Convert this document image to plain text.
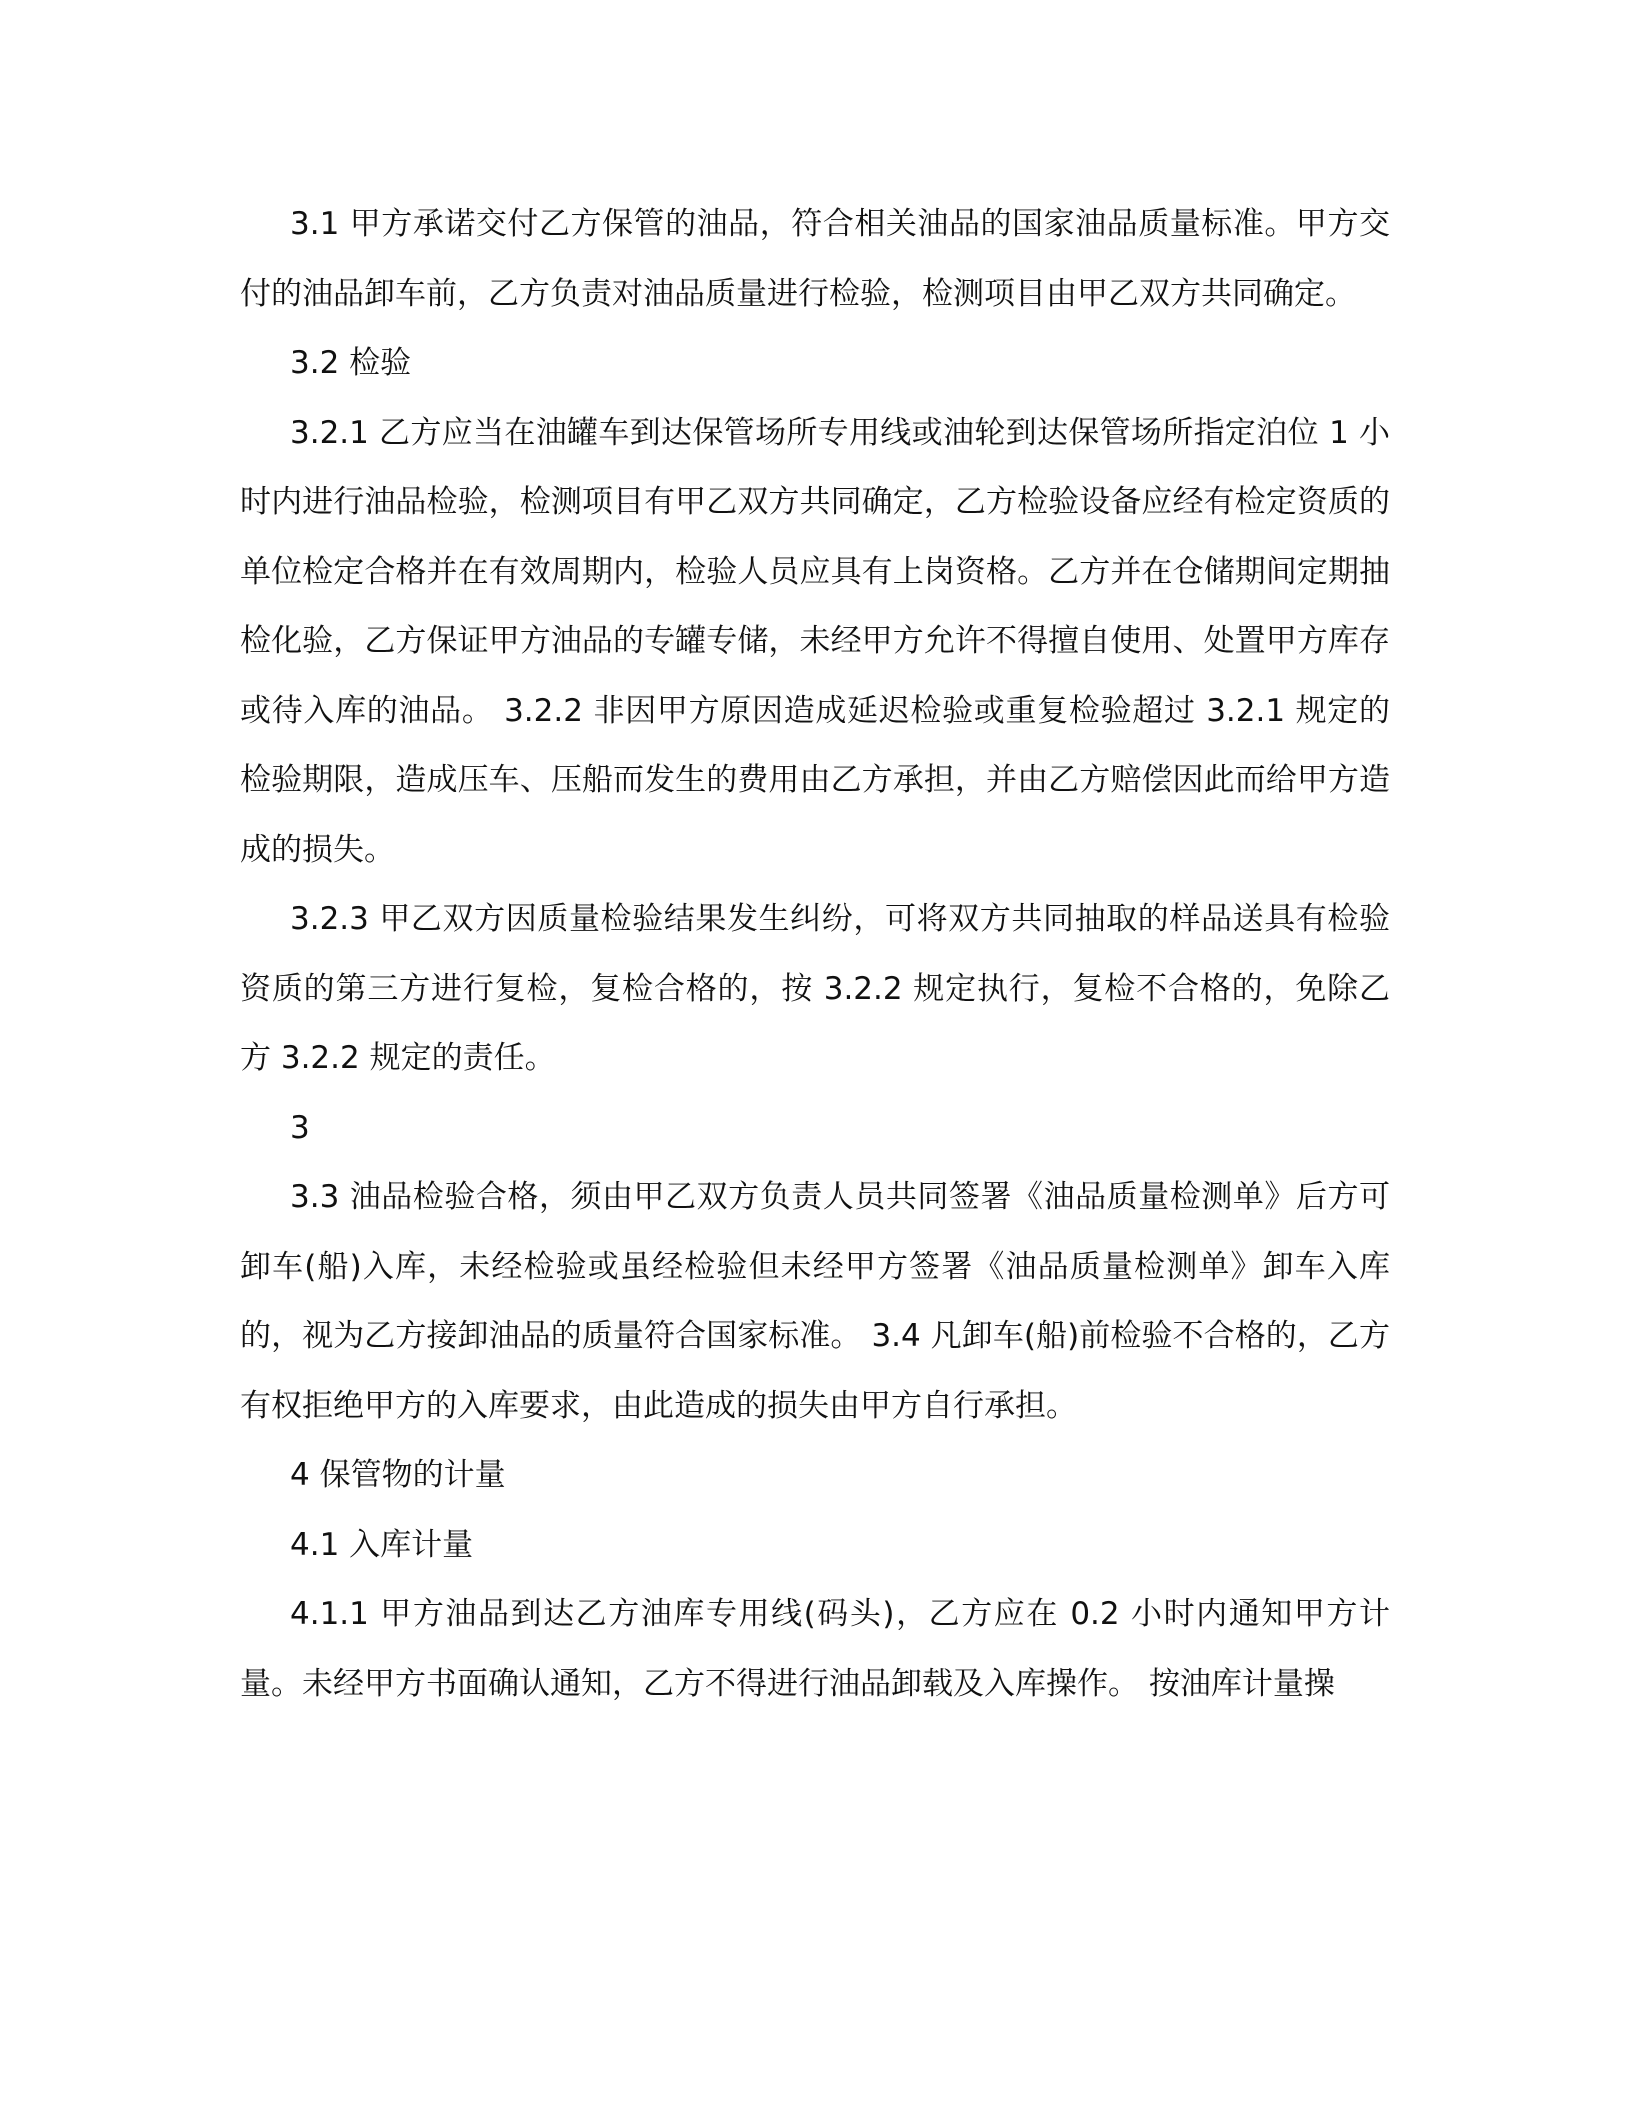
3.1 甲方承诺交付乙方保管的油品，符合相关油品的国家油品质量标准。甲方交付的油品卸车前，乙方负责对油品质量进行检验，检测项目由甲乙双方共同确定。

3.2 检验

3.2.1 乙方应当在油罐车到达保管场所专用线或油轮到达保管场所指定泊位 1 小时内进行油品检验，检测项目有甲乙双方共同确定，乙方检验设备应经有检定资质的单位检定合格并在有效周期内，检验人员应具有上岗资格。乙方并在仓储期间定期抽检化验，乙方保证甲方油品的专罐专储，未经甲方允许不得擅自使用、处置甲方库存或待入库的油品。 3.2.2 非因甲方原因造成延迟检验或重复检验超过 3.2.1 规定的检验期限，造成压车、压船而发生的费用由乙方承担，并由乙方赔偿因此而给甲方造成的损失。

3.2.3 甲乙双方因质量检验结果发生纠纷，可将双方共同抽取的样品送具有检验资质的第三方进行复检，复检合格的，按 3.2.2 规定执行，复检不合格的，免除乙方 3.2.2 规定的责任。

3

3.3 油品检验合格，须由甲乙双方负责人员共同签署《油品质量检测单》后方可卸车(船)入库，未经检验或虽经检验但未经甲方签署《油品质量检测单》卸车入库的，视为乙方接卸油品的质量符合国家标准。 3.4 凡卸车(船)前检验不合格的，乙方有权拒绝甲方的入库要求，由此造成的损失由甲方自行承担。

4 保管物的计量

4.1 入库计量

4.1.1 甲方油品到达乙方油库专用线(码头)，乙方应在 0.2 小时内通知甲方计量。未经甲方书面确认通知，乙方不得进行油品卸载及入库操作。 按油库计量操
